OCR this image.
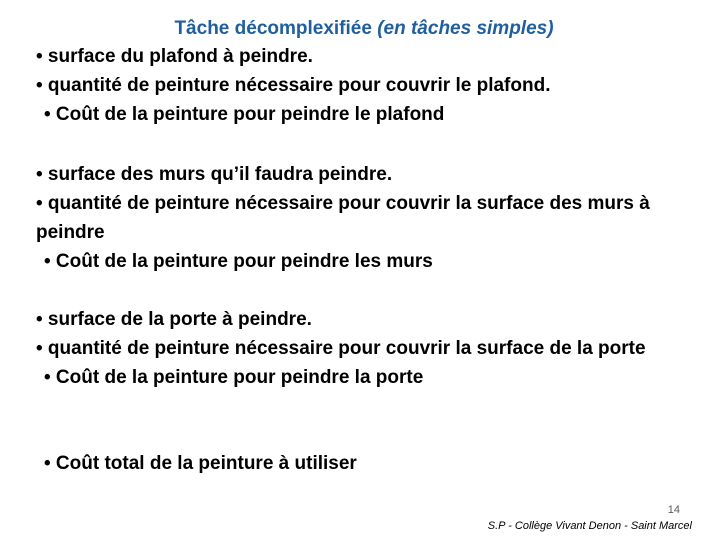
Tâche décomplexifiée (en tâches simples)
• surface du plafond à peindre.
• quantité de peinture nécessaire pour couvrir le plafond.
• Coût de la peinture pour peindre le plafond
• surface des murs qu’il faudra peindre.
• quantité de peinture nécessaire pour couvrir la surface des murs à peindre
• Coût de la peinture pour peindre les murs
• surface de la porte à peindre.
• quantité de peinture nécessaire pour couvrir la surface de la porte
• Coût de la peinture pour peindre la porte
• Coût total de la peinture à utiliser
14
S.P - Collège Vivant Denon - Saint Marcel
